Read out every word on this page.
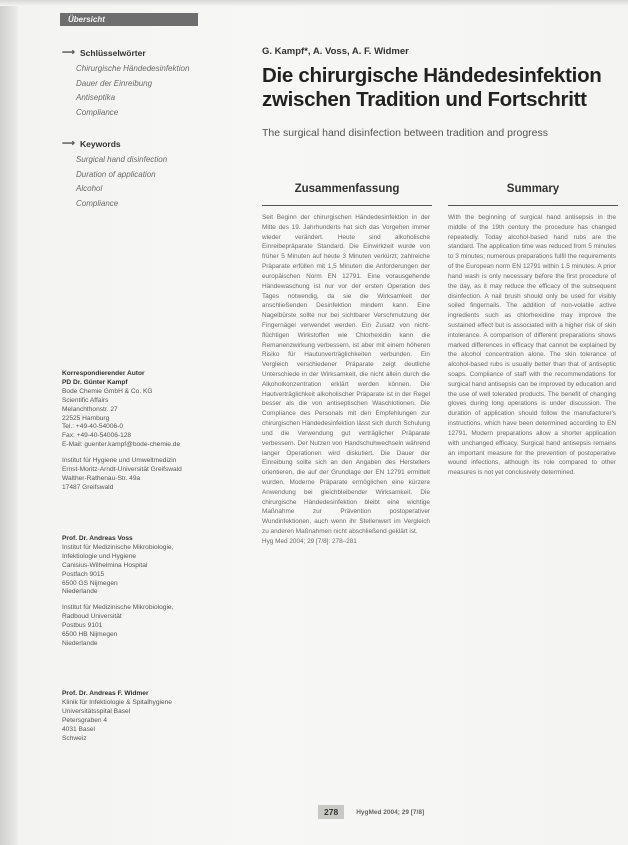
Übersicht
⟶ Schlüsselwörter
Chirurgische Händedesinfektion
Dauer der Einreibung
Antiseptika
Compliance
⟶ Keywords
Surgical hand disinfection
Duration of application
Alcohol
Compliance
G. Kampf*, A. Voss, A. F. Widmer
Die chirurgische Händedesinfektion zwischen Tradition und Fortschritt
The surgical hand disinfection between tradition and progress
Zusammenfassung	Summary

Seit Beginn der chirurgischen Händedesinfektion in der Mitte des 19. Jahrhunderts hat sich das Vorgehen immer wieder verändert. Heute sind alkoholische Einreibepräparate Standard. Die Einwirkzeit wurde von früher 5 Minuten auf heute 3 Minuten verkürzt; zahlreiche Präparate erfüllen mit 1,5 Minuten die Anforderungen der europäischen Norm EN 12791. Eine vorausgehende Händewaschung ist nur vor der ersten Operation des Tages notwendig, da sie die Wirksamkeit der anschließenden Desinfektion mindern kann. Eine Nagelbürste sollte nur bei sichtbarer Verschmutzung der Fingernägel verwendet werden. Ein Zusatz von nicht-flüchtigen Wirkstoffen wie Chlorhexidin kann die Remanenzwirkung verbessern, ist aber mit einem höheren Risiko für Hautunverträglichkeiten verbunden. Ein Vergleich verschiedener Präparate zeigt deutliche Unterschiede in der Wirksamkeit, die nicht allein durch die Alkoholkonzentration erklärt werden können. Die Hautverträglichkeit alkoholischer Präparate ist in der Regel besser als die von antiseptischen Waschlotionen. Die Compliance des Personals mit den Empfehlungen zur chirurgischen Händedesinfektion lässt sich durch Schulung und die Verwendung gut verträglicher Präparate verbessern. Der Nutzen von Handschuhwechseln während langer Operationen wird diskutiert. Die Dauer der Einreibung sollte sich an den Angaben des Herstellers orientieren, die auf der Grundlage der EN 12791 ermittelt wurden. Moderne Präparate ermöglichen eine kürzere Anwendung bei gleichbleibender Wirksamkeit. Die chirurgische Händedesinfektion bleibt eine wichtige Maßnahme zur Prävention postoperativer Wundinfektionen, auch wenn ihr Stellenwert im Vergleich zu anderen Maßnahmen nicht abschließend geklärt ist.

Hyg Med 2004; 29 [7/8]: 278–281

With the beginning of surgical hand antisepsis in the middle of the 19th century the procedure has changed repeatedly. Today alcohol-based hand rubs are the standard. The application time was reduced from 5 minutes to 3 minutes; numerous preparations fulfil the requirements of the European norm EN 12791 within 1.5 minutes. A prior hand wash is only necessary before the first procedure of the day, as it may reduce the efficacy of the subsequent disinfection. A nail brush should only be used for visibly soiled fingernails. The addition of non-volatile active ingredients such as chlorhexidine may improve the sustained effect but is associated with a higher risk of skin intolerance. A comparison of different preparations shows marked differences in efficacy that cannot be explained by the alcohol concentration alone. The skin tolerance of alcohol-based rubs is usually better than that of antiseptic soaps. Compliance of staff with the recommendations for surgical hand antisepsis can be improved by education and the use of well tolerated products. The benefit of changing gloves during long operations is under discussion. The duration of application should follow the manufacturer's instructions, which have been determined according to EN 12791. Modern preparations allow a shorter application with unchanged efficacy. Surgical hand antisepsis remains an important measure for the prevention of postoperative wound infections, although its role compared to other measures is not yet conclusively determined.

Korrespondierender Autor

PD Dr. Günter Kampf

Bode Chemie GmbH & Co. KG

Scientific Affairs

Melanchthonstr. 27

22525 Hamburg

Tel.: +49-40-54006-0

Fax: +49-40-54006-128

E-Mail: guenter.kampf@bode-chemie.de

Institut für Hygiene und Umweltmedizin

Ernst-Moritz-Arndt-Universität Greifswald

Walther-Rathenau-Str. 49a

17487 Greifswald

Prof. Dr. Andreas Voss

Institut für Medizinische Mikrobiologie,

Infektiologie und Hygiene

Canisius-Wilhelmina Hospital

Postfach 9015

6500 GS Nijmegen

Niederlande

Institut für Medizinische Mikrobiologie,

Radboud Universität

Postbus 9101

6500 HB Nijmegen

Niederlande

Prof. Dr. Andreas F. Widmer

Klinik für Infektiologie & Spitalhygiene

Universitätsspital Basel

Petersgraben 4

4031 Basel

Schweiz

278	HygMed 2004; 29 [7/8]
